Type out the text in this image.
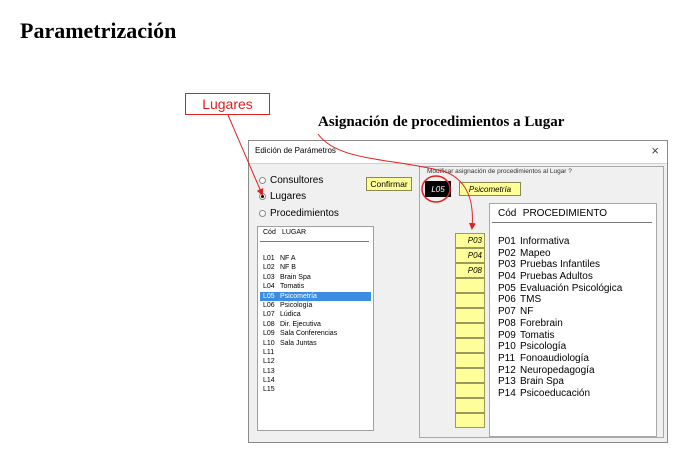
Parametrización
Lugares
Asignación de procedimientos a Lugar
Edición de Parámetros	×
Consultores
Lugares
Procedimientos
Confirmar
Cód LUGAR
L01 NF A
L02 NF B
L03 Brain Spa
L04 Tomatis
L05 Psicometría
L06 Psicología
L07 Lúdica
L08 Dir. Ejecutiva
L09 Sala Conferencias
L10 Sala Juntas
L11
L12
L13
L14
L15
Modificar asignación de procedimientos al Lugar ?
L05	Psicometría
P03
P04
P08
Cód PROCEDIMIENTO
P01 Informativa
P02 Mapeo
P03 Pruebas Infantiles
P04 Pruebas Adultos
P05 Evaluación Psicológica
P06 TMS
P07 NF
P08 Forebrain
P09 Tomatis
P10 Psicología
P11 Fonoaudiología
P12 Neuropedagogía
P13 Brain Spa
P14 Psicoeducación
